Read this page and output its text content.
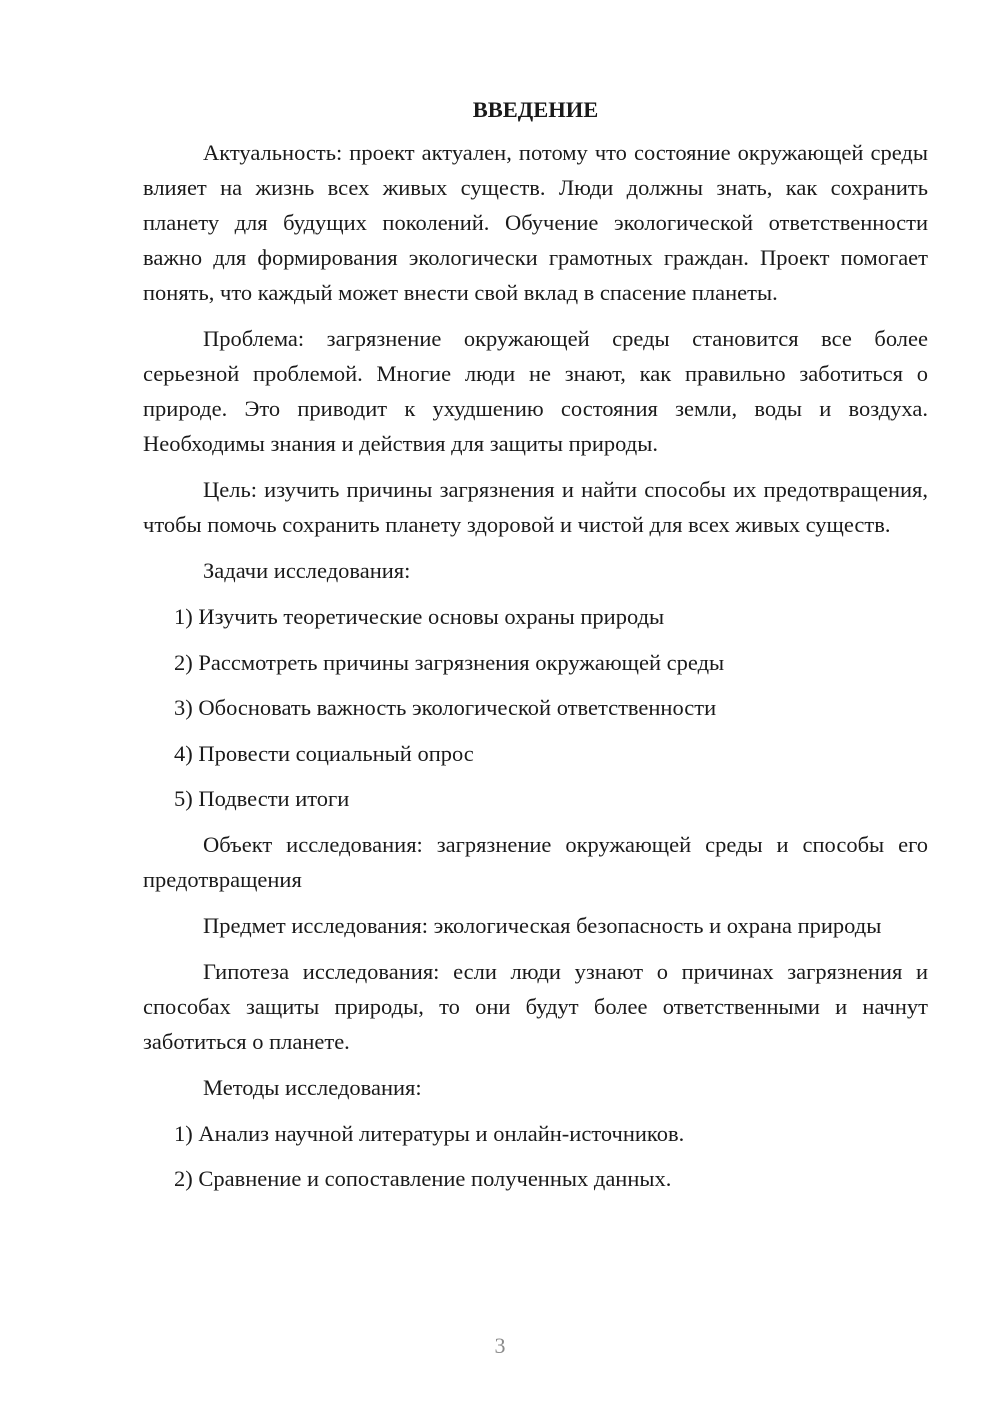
ВВЕДЕНИЕ

Актуальность: проект актуален, потому что состояние окружающей среды влияет на жизнь всех живых существ. Люди должны знать, как сохранить планету для будущих поколений. Обучение экологической ответственности важно для формирования экологически грамотных граждан. Проект помогает понять, что каждый может внести свой вклад в спасение планеты.

Проблема: загрязнение окружающей среды становится все более серьезной проблемой. Многие люди не знают, как правильно заботиться о природе. Это приводит к ухудшению состояния земли, воды и воздуха. Необходимы знания и действия для защиты природы.

Цель: изучить причины загрязнения и найти способы их предотвращения, чтобы помочь сохранить планету здоровой и чистой для всех живых существ.

Задачи исследования:

1) Изучить теоретические основы охраны природы
2) Рассмотреть причины загрязнения окружающей среды
3) Обосновать важность экологической ответственности
4) Провести социальный опрос
5) Подвести итоги

Объект исследования: загрязнение окружающей среды и способы его предотвращения

Предмет исследования: экологическая безопасность и охрана природы

Гипотеза исследования: если люди узнают о причинах загрязнения и способах защиты природы, то они будут более ответственными и начнут заботиться о планете.

Методы исследования:

1) Анализ научной литературы и онлайн-источников.
2) Сравнение и сопоставление полученных данных.
3
